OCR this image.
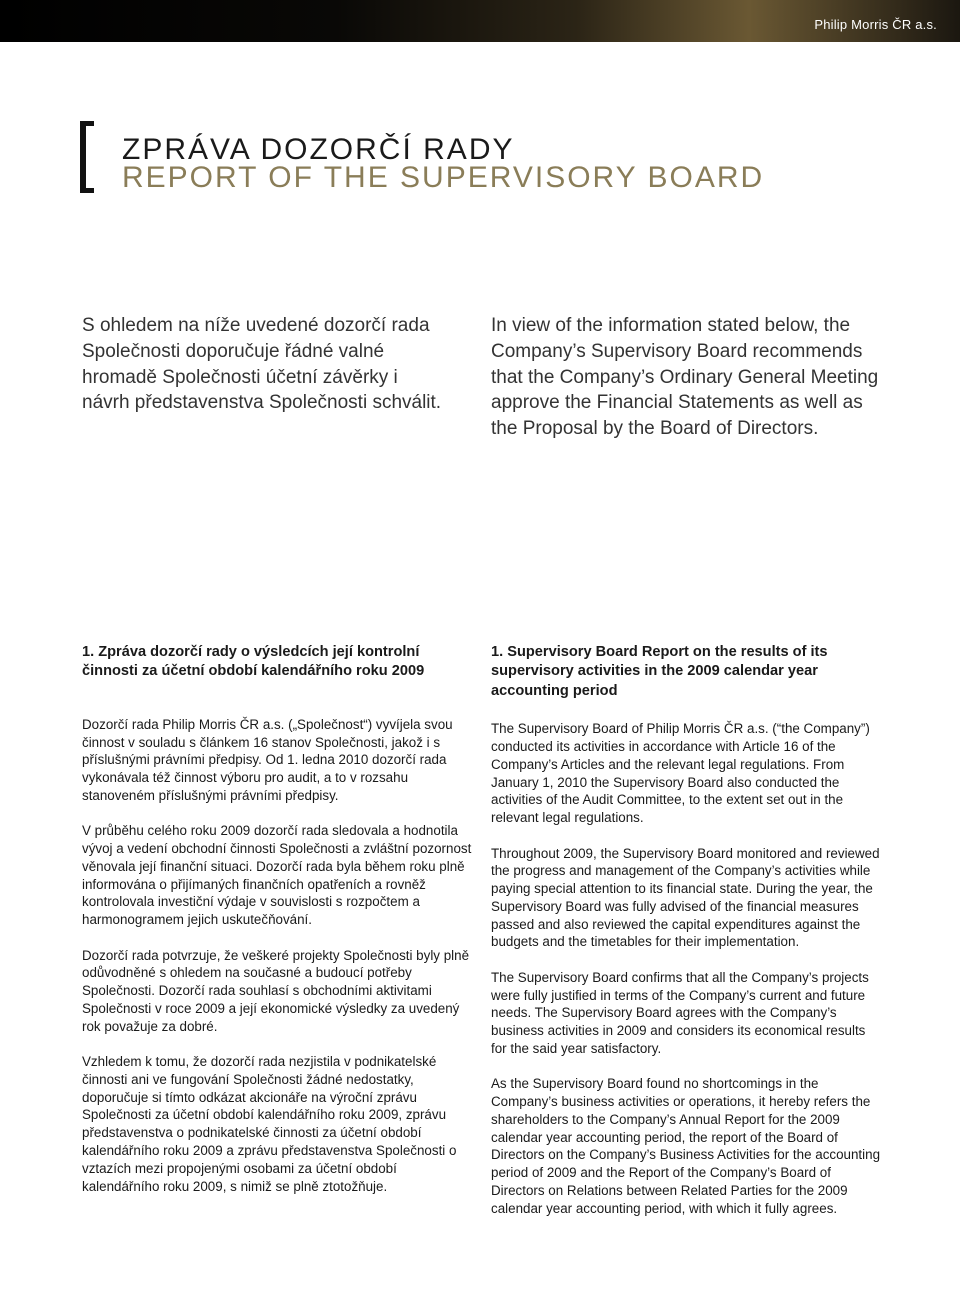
Philip Morris ČR a.s.
ZPRÁVA DOZORČÍ RADY
REPORT OF THE SUPERVISORY BOARD
S ohledem na níže uvedené dozorčí rada Společnosti doporučuje řádné valné hromadě Společnosti účetní závěrky i návrh představenstva Společnosti schválit.
In view of the information stated below, the Company’s Supervisory Board recommends that the Company’s Ordinary General Meeting approve the Financial Statements as well as the Proposal by the Board of Directors.
1. Zpráva dozorčí rady o výsledcích její kontrolní činnosti za účetní období kalendářního roku 2009

Dozorčí rada Philip Morris ČR a.s. („Společnost“) vyvíjela svou činnost v souladu s článkem 16 stanov Společnosti, jakož i s příslušnými právními předpisy. Od 1. ledna 2010 dozorčí rada vykonávala též činnost výboru pro audit, a to v rozsahu stanoveném příslušnými právními předpisy.

V průběhu celého roku 2009 dozorčí rada sledovala a hodnotila vývoj a vedení obchodní činnosti Společnosti a zvláštní pozornost věnovala její finanční situaci. Dozorčí rada byla během roku plně informována o přijímaných finančních opatřeních a rovněž kontrolovala investiční výdaje v souvislosti s rozpočtem a harmonogramem jejich uskutečňování.

Dozorčí rada potvrzuje, že veškeré projekty Společnosti byly plně odůvodněné s ohledem na současné a budoucí potřeby Společnosti. Dozorčí rada souhlasí s obchodními aktivitami Společnosti v roce 2009 a její ekonomické výsledky za uvedený rok považuje za dobré.

Vzhledem k tomu, že dozorčí rada nezjistila v podnikatelské činnosti ani ve fungování Společnosti žádné nedostatky, doporučuje si tímto odkázat akcionáře na výroční zprávu Společnosti za účetní období kalendářního roku 2009, zprávu představenstva o podnikatelské činnosti za účetní období kalendářního roku 2009 a zprávu představenstva Společnosti o vztazích mezi propojenými osobami za účetní období kalendářního roku 2009, s nimiž se plně ztotožňuje.

1. Supervisory Board Report on the results of its supervisory activities in the 2009 calendar year accounting period

The Supervisory Board of Philip Morris ČR a.s. (“the Company”) conducted its activities in accordance with Article 16 of the Company’s Articles and the relevant legal regulations. From January 1, 2010 the Supervisory Board also conducted the activities of the Audit Committee, to the extent set out in the relevant legal regulations.

Throughout 2009, the Supervisory Board monitored and reviewed the progress and management of the Company’s activities while paying special attention to its financial state. During the year, the Supervisory Board was fully advised of the financial measures passed and also reviewed the capital expenditures against the budgets and the timetables for their implementation.

The Supervisory Board confirms that all the Company’s projects were fully justified in terms of the Company’s current and future needs. The Supervisory Board agrees with the Company’s business activities in 2009 and considers its economical results for the said year satisfactory.

As the Supervisory Board found no shortcomings in the Company’s business activities or operations, it hereby refers the shareholders to the Company’s Annual Report for the 2009 calendar year accounting period, the report of the Board of Directors on the Company’s Business Activities for the accounting period of 2009 and the Report of the Company’s Board of Directors on Relations between Related Parties for the 2009 calendar year accounting period, with which it fully agrees.
